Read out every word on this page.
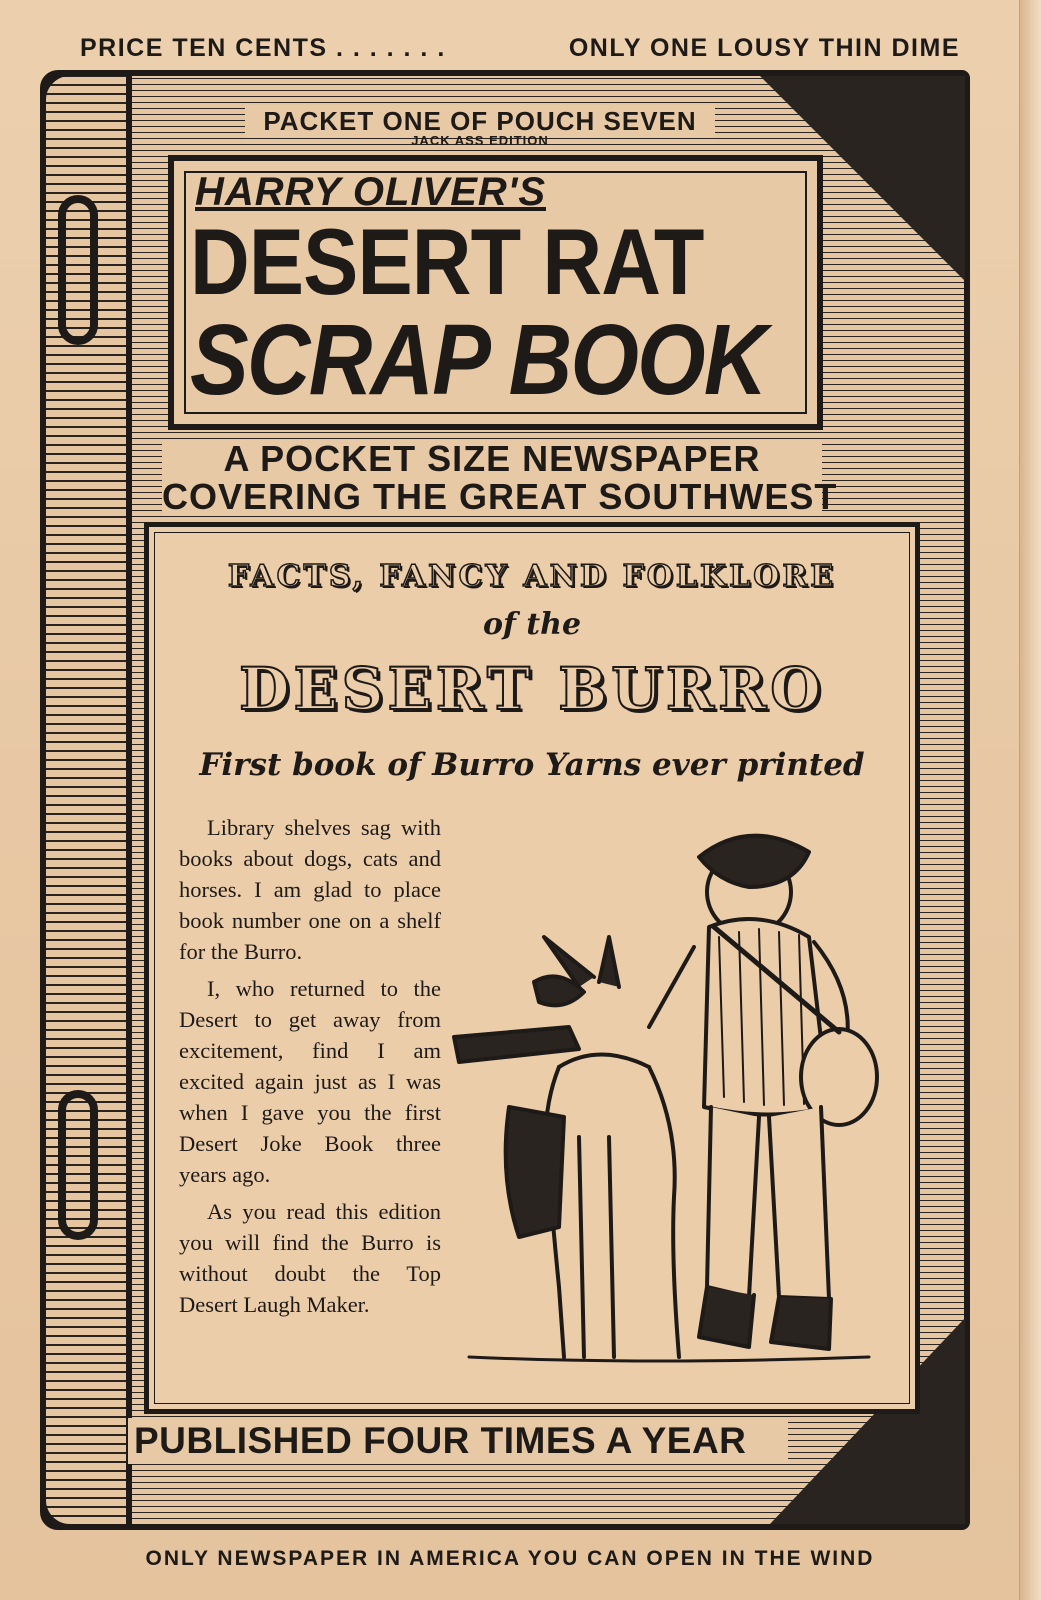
PRICE TEN CENTS . . . . . . .	ONLY ONE LOUSY THIN DIME
PACKET ONE OF POUCH SEVEN
JACK ASS EDITION
HARRY OLIVER'S
DESERT RAT
SCRAP BOOK
A POCKET SIZE NEWSPAPER
COVERING THE GREAT SOUTHWEST
FACTS, FANCY AND FOLKLORE
of the
DESERT BURRO
First book of Burro Yarns ever printed

Library shelves sag with books about dogs, cats and horses. I am glad to place book number one on a shelf for the Burro.

I, who returned to the Desert to get away from excitement, find I am excited again just as I was when I gave you the first Desert Joke Book three years ago.

As you read this edition you will find the Burro is without doubt the Top Desert Laugh Maker.

PUBLISHED FOUR TIMES A YEAR
ONLY NEWSPAPER IN AMERICA YOU CAN OPEN IN THE WIND
